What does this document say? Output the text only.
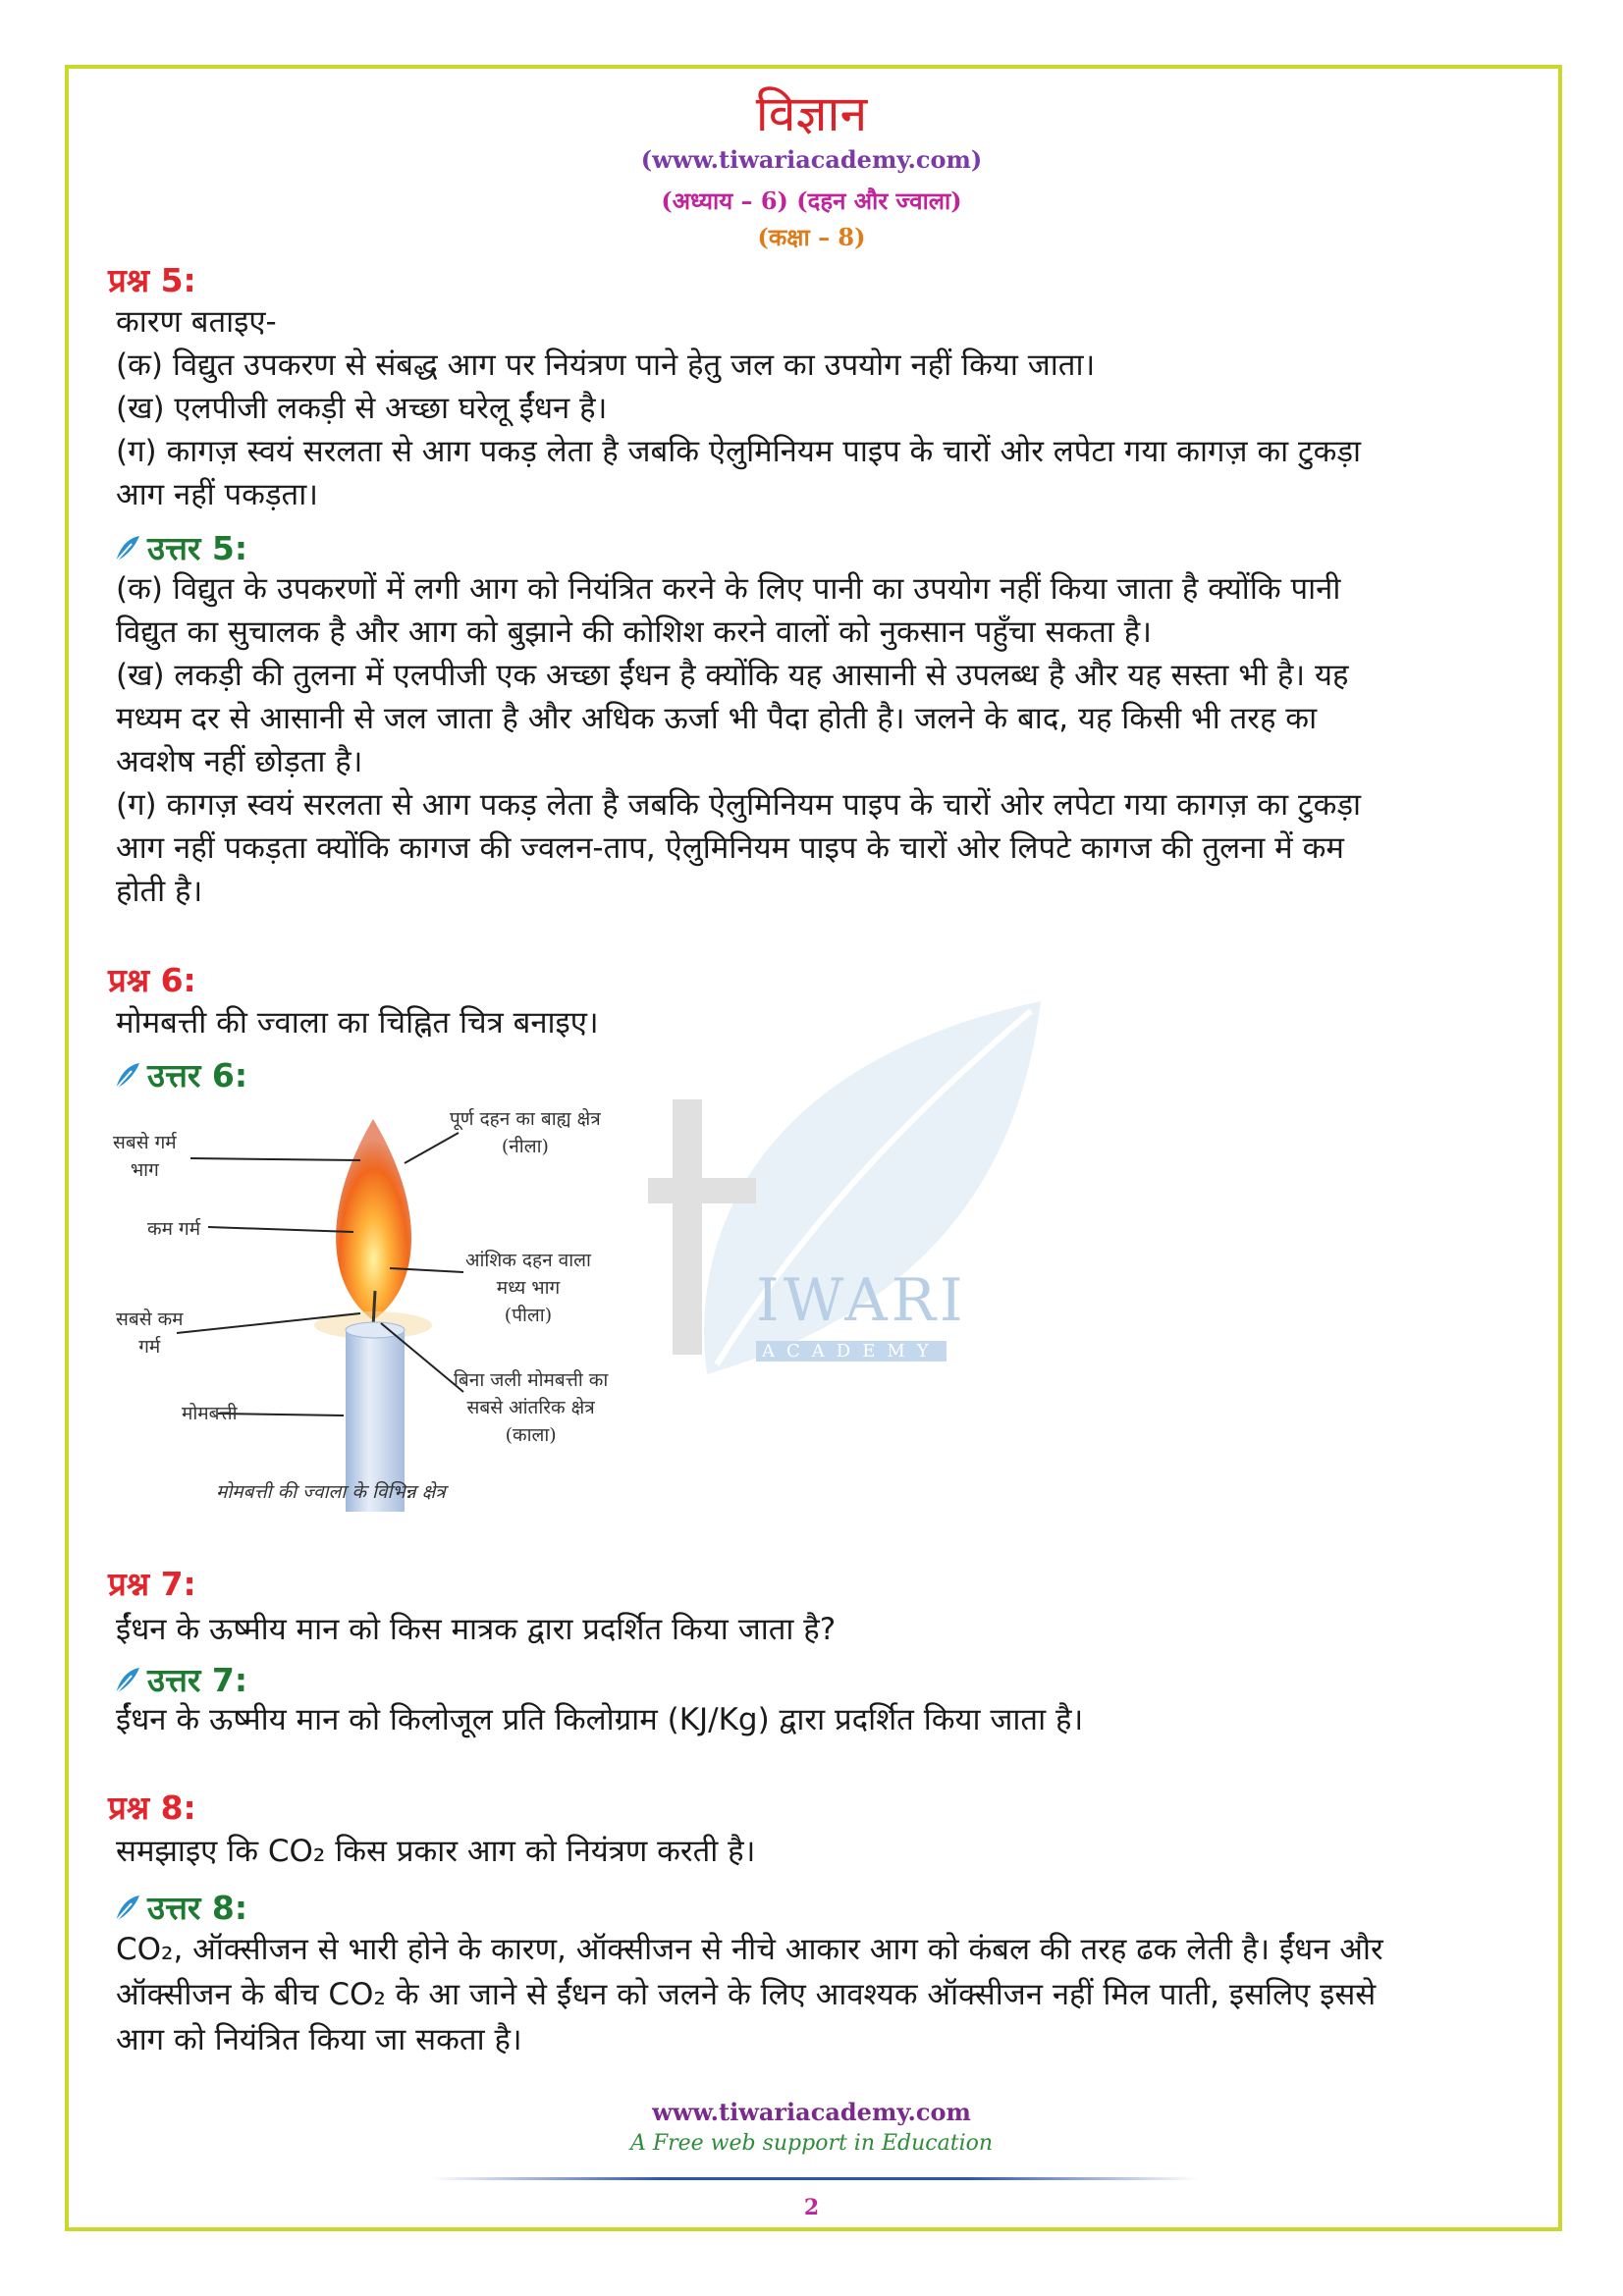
विज्ञान
(www.tiwariacademy.com)
(अध्याय – 6) (दहन और ज्वाला)
(कक्षा – 8)
IWARI
ACADEMY
प्रश्न 5:
कारण बताइए-
(क) विद्युत उपकरण से संबद्ध आग पर नियंत्रण पाने हेतु जल का उपयोग नहीं किया जाता।
(ख) एलपीजी लकड़ी से अच्छा घरेलू ईंधन है।
(ग) कागज़ स्वयं सरलता से आग पकड़ लेता है जबकि ऐलुमिनियम पाइप के चारों ओर लपेटा गया कागज़ का टुकड़ा
आग नहीं पकड़ता।
उत्तर 5:
(क) विद्युत के उपकरणों में लगी आग को नियंत्रित करने के लिए पानी का उपयोग नहीं किया जाता है क्योंकि पानी
विद्युत का सुचालक है और आग को बुझाने की कोशिश करने वालों को नुकसान पहुँचा सकता है।
(ख) लकड़ी की तुलना में एलपीजी एक अच्छा ईंधन है क्योंकि यह आसानी से उपलब्ध है और यह सस्ता भी है। यह
मध्यम दर से आसानी से जल जाता है और अधिक ऊर्जा भी पैदा होती है। जलने के बाद, यह किसी भी तरह का
अवशेष नहीं छोड़ता है।
(ग) कागज़ स्वयं सरलता से आग पकड़ लेता है जबकि ऐलुमिनियम पाइप के चारों ओर लपेटा गया कागज़ का टुकड़ा
आग नहीं पकड़ता क्योंकि कागज की ज्वलन-ताप, ऐलुमिनियम पाइप के चारों ओर लिपटे कागज की तुलना में कम
होती है।
प्रश्न 6:
मोमबत्ती की ज्वाला का चिह्नित चित्र बनाइए।
उत्तर 6:
सबसे गर्म
भाग
कम गर्म
सबसे कम
गर्म
मोमबत्ती
पूर्ण दहन का बाह्य क्षेत्र
(नीला)
आंशिक दहन वाला
मध्य भाग
(पीला)
बिना जली मोमबत्ती का
सबसे आंतरिक क्षेत्र
(काला)
मोमबत्ती की ज्वाला के विभिन्न क्षेत्र
प्रश्न 7:
ईंधन के ऊष्मीय मान को किस मात्रक द्वारा प्रदर्शित किया जाता है?
उत्तर 7:
ईंधन के ऊष्मीय मान को किलोजूल प्रति किलोग्राम (KJ/Kg) द्वारा प्रदर्शित किया जाता है।
प्रश्न 8:
समझाइए कि CO₂ किस प्रकार आग को नियंत्रण करती है।
उत्तर 8:
CO₂, ऑक्सीजन से भारी होने के कारण, ऑक्सीजन से नीचे आकार आग को कंबल की तरह ढक लेती है। ईंधन और
ऑक्सीजन के बीच CO₂ के आ जाने से ईंधन को जलने के लिए आवश्यक ऑक्सीजन नहीं मिल पाती, इसलिए इससे
आग को नियंत्रित किया जा सकता है।
www.tiwariacademy.com
A Free web support in Education
2
